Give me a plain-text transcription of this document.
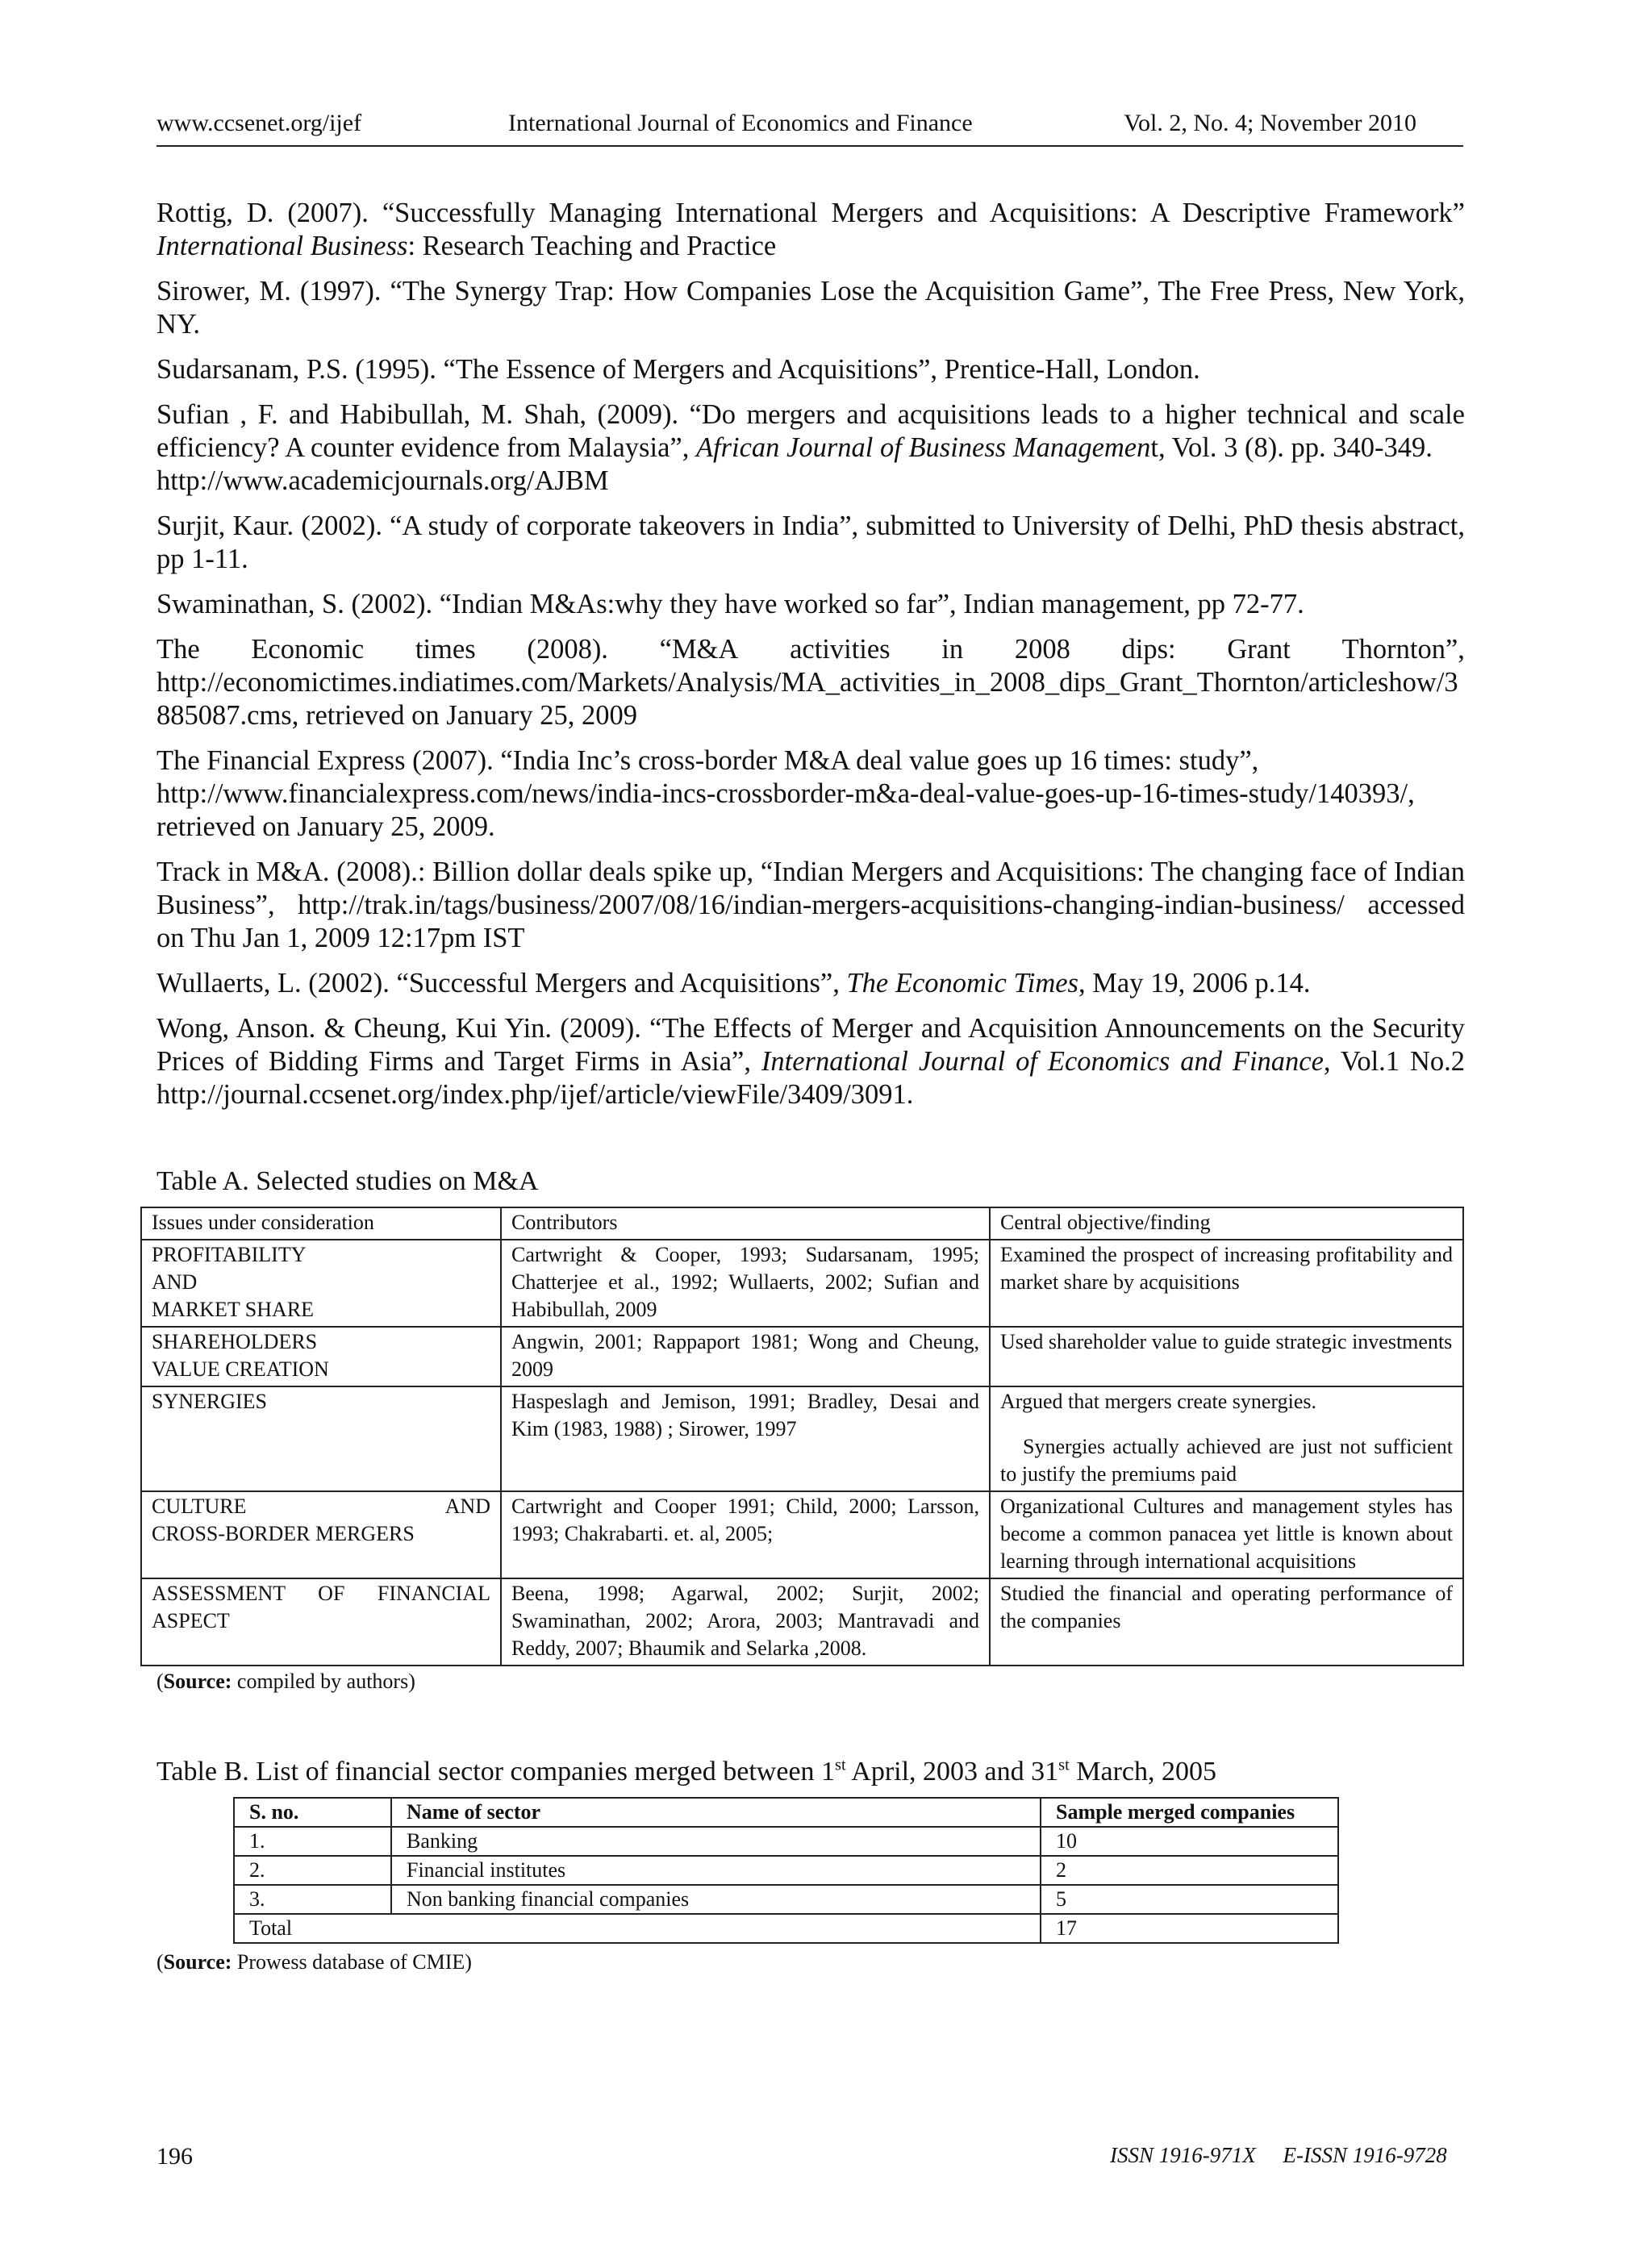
www.ccsenet.org/ijef	International Journal of Economics and Finance	Vol. 2, No. 4; November 2010
Rottig, D. (2007). “Successfully Managing International Mergers and Acquisitions: A Descriptive Framework” International Business: Research Teaching and Practice
Sirower, M. (1997). “The Synergy Trap: How Companies Lose the Acquisition Game”, The Free Press, New York, NY.
Sudarsanam, P.S. (1995). “The Essence of Mergers and Acquisitions”, Prentice-Hall, London.
Sufian , F. and Habibullah, M. Shah, (2009). “Do mergers and acquisitions leads to a higher technical and scale efficiency? A counter evidence from Malaysia”, African Journal of Business Management, Vol. 3 (8). pp. 340-349.
http://www.academicjournals.org/AJBM
Surjit, Kaur. (2002). “A study of corporate takeovers in India”, submitted to University of Delhi, PhD thesis abstract, pp 1-11.
Swaminathan, S. (2002). “Indian M&As:why they have worked so far”, Indian management, pp 72-77.
The Economic times (2008). “M&A activities in 2008 dips: Grant Thornton”,
http://economictimes.indiatimes.com/Markets/Analysis/MA_activities_in_2008_dips_Grant_Thornton/articleshow/3885087.cms, retrieved on January 25, 2009
The Financial Express (2007). “India Inc’s cross-border M&A deal value goes up 16 times: study”,
http://www.financialexpress.com/news/india-incs-crossborder-m&a-deal-value-goes-up-16-times-study/140393/,
retrieved on January 25, 2009.
Track in M&A. (2008).: Billion dollar deals spike up, “Indian Mergers and Acquisitions: The changing face of Indian Business”, http://trak.in/tags/business/2007/08/16/indian-mergers-acquisitions-changing-indian-business/ accessed on Thu Jan 1, 2009 12:17pm IST
Wullaerts, L. (2002). “Successful Mergers and Acquisitions”, The Economic Times, May 19, 2006 p.14.
Wong, Anson. & Cheung, Kui Yin. (2009). “The Effects of Merger and Acquisition Announcements on the Security Prices of Bidding Firms and Target Firms in Asia”, International Journal of Economics and Finance, Vol.1 No.2 http://journal.ccsenet.org/index.php/ijef/article/viewFile/3409/3091.
Table A. Selected studies on M&A
Issues under consideration	Contributors	Central objective/finding

PROFITABILITY
AND
MARKET SHARE	Cartwright & Cooper, 1993; Sudarsanam, 1995; Chatterjee et al., 1992; Wullaerts, 2002; Sufian and Habibullah, 2009	Examined the prospect of increasing profitability and market share by acquisitions

SHAREHOLDERS
VALUE CREATION	Angwin, 2001; Rappaport 1981; Wong and Cheung, 2009	Used shareholder value to guide strategic investments
SYNERGIES	Haspeslagh and Jemison, 1991; Bradley, Desai and Kim (1983, 1988) ; Sirower, 1997	Argued that mergers create synergies.
Synergies actually achieved are just not sufficient to justify the premiums paid

CULTURE AND
CROSS-BORDER MERGERS	Cartwright and Cooper 1991; Child, 2000; Larsson, 1993; Chakrabarti. et. al, 2005;	Organizational Cultures and management styles has become a common panacea yet little is known about learning through international acquisitions
ASSESSMENT OF FINANCIAL ASPECT	Beena, 1998; Agarwal, 2002; Surjit, 2002; Swaminathan, 2002; Arora, 2003; Mantravadi and Reddy, 2007; Bhaumik and Selarka ,2008.	Studied the financial and operating performance of the companies
(Source: compiled by authors)
Table B. List of financial sector companies merged between 1st April, 2003 and 31st March, 2005
S. no.	Name of sector	Sample merged companies
1.	Banking	10
2.	Financial institutes	2
3.	Non banking financial companies	5
Total		17
(Source: Prowess database of CMIE)
196	ISSN 1916-971X     E-ISSN 1916-9728
